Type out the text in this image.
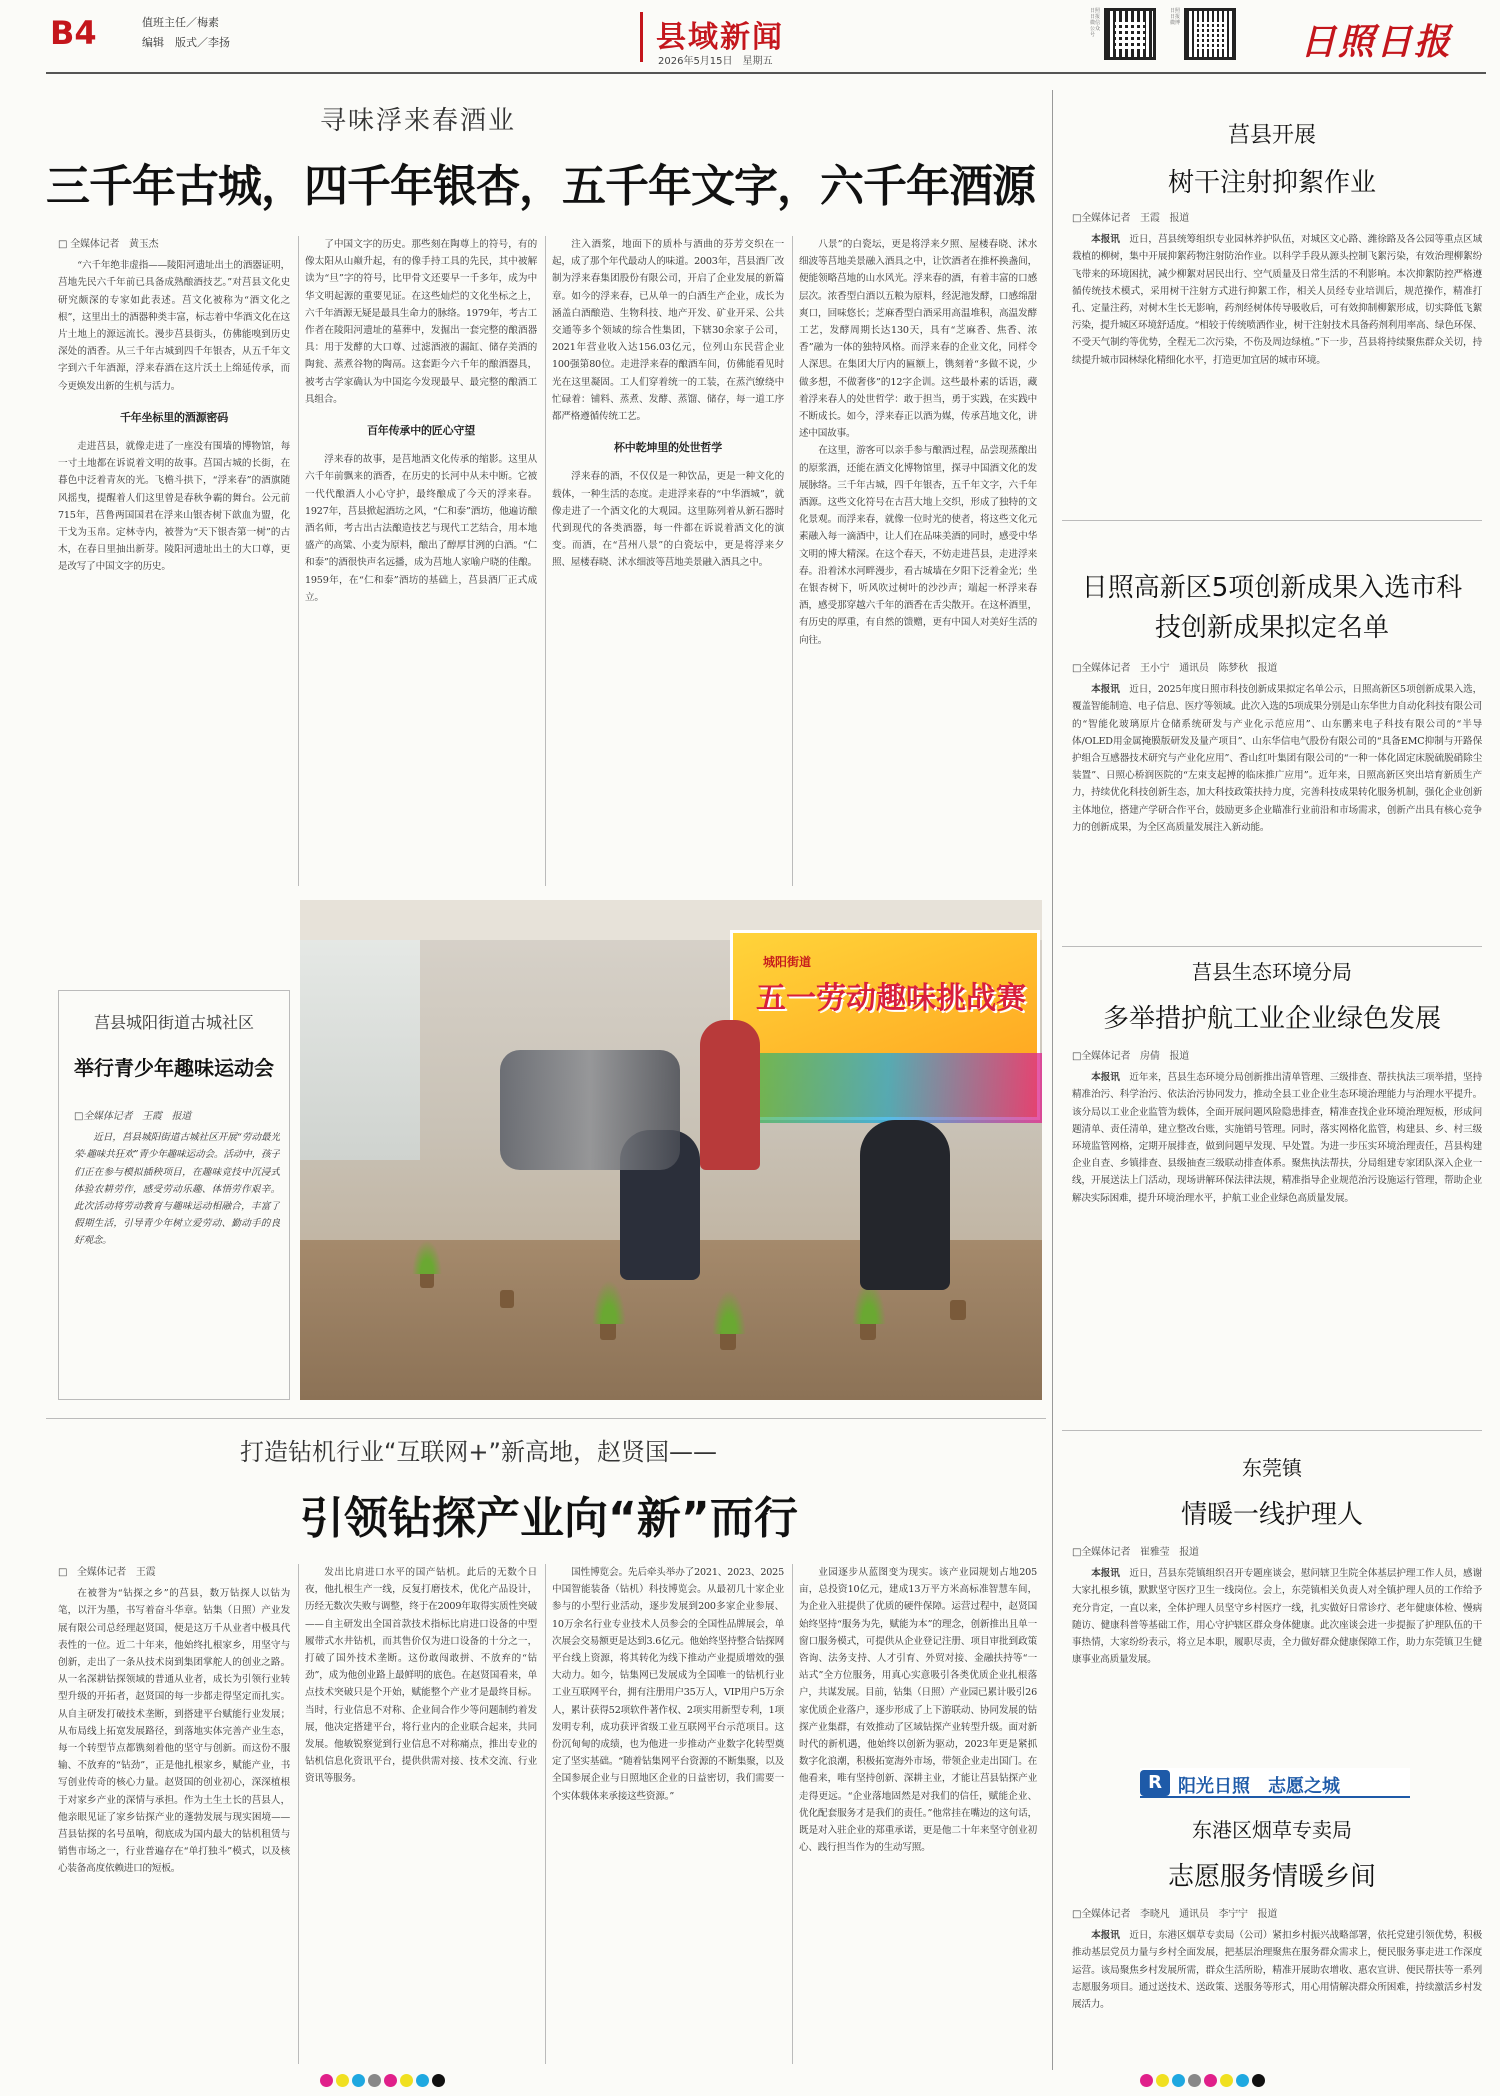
B4	值班主任／梅素
编辑　版式／李扬	县域新闻
2026年5月15日　星期五
日照日报微信公众号
日照日报微博	日照日报
寻味浮来春酒业
三千年古城，四千年银杏，五千年文字，六千年酒源

□ 全媒体记者　黄玉杰

“六千年绝非虚指——陵阳河遗址出土的酒器证明，莒地先民六千年前已具备成熟酿酒技艺。”对莒县文化史研究颇深的专家如此表述。莒文化被称为“酒文化之根”，这里出土的酒器种类丰富，标志着中华酒文化在这片土地上的源远流长。漫步莒县街头，仿佛能嗅到历史深处的酒香。从三千年古城到四千年银杏，从五千年文字到六千年酒源，浮来春酒在这片沃土上绵延传承，而今更焕发出新的生机与活力。

千年坐标里的酒源密码

走进莒县，就像走进了一座没有围墙的博物馆，每一寸土地都在诉说着文明的故事。莒国古城的长街，在暮色中泛着青灰的光。飞檐斗拱下，“浮来春”的酒旗随风摇曳，提醒着人们这里曾是春秋争霸的舞台。公元前715年，莒鲁两国国君在浮来山银杏树下歆血为盟，化干戈为玉帛。定林寺内，被誉为“天下银杏第一树”的古木，在春日里抽出新芽。陵阳河遗址出土的大口尊，更是改写了中国文字的历史。

了中国文字的历史。那些刻在陶尊上的符号，有的像太阳从山巅升起，有的像手持工具的先民，其中被解读为“旦”字的符号，比甲骨文还要早一千多年，成为中华文明起源的重要见证。在这些灿烂的文化坐标之上，六千年酒源无疑是最具生命力的脉络。1979年，考古工作者在陵阳河遗址的墓葬中，发掘出一套完整的酿酒器具：用于发酵的大口尊、过滤酒液的漏缸、储存美酒的陶瓮、蒸煮谷物的陶鬲。这套距今六千年的酿酒器具，被考古学家确认为中国迄今发现最早、最完整的酿酒工具组合。

百年传承中的匠心守望

浮来春的故事，是莒地酒文化传承的缩影。这里从六千年前飘来的酒香，在历史的长河中从未中断。它被一代代酿酒人小心守护，最终酿成了今天的浮来春。1927年，莒县掀起酒坊之风，“仁和泰”酒坊，他遍访酿酒名师，考古出古法酿造技艺与现代工艺结合，用本地盛产的高粱、小麦为原料，酿出了醇厚甘洌的白酒。“仁和泰”的酒很快声名远播，成为莒地人家喻户晓的佳酿。1959年，在“仁和泰”酒坊的基础上，莒县酒厂正式成立。

注入酒浆，地面下的质朴与酒曲的芬芳交织在一起，成了那个年代最动人的味道。2003年，莒县酒厂改制为浮来春集团股份有限公司，开启了企业发展的新篇章。如今的浮来春，已从单一的白酒生产企业，成长为涵盖白酒酿造、生物科技、地产开发、矿业开采、公共交通等多个领域的综合性集团，下辖30余家子公司，2021年营业收入达156.03亿元，位列山东民营企业100强第80位。走进浮来春的酿酒车间，仿佛能看见时光在这里凝固。工人们穿着统一的工装，在蒸汽缭绕中忙碌着：铺料、蒸煮、发酵、蒸馏、储存，每一道工序都严格遵循传统工艺。

杯中乾坤里的处世哲学

浮来春的酒，不仅仅是一种饮品，更是一种文化的载体，一种生活的态度。走进浮来春的“中华酒城”，就像走进了一个酒文化的大观园。这里陈列着从新石器时代到现代的各类酒器，每一件都在诉说着酒文化的演变。而酒，在“莒州八景”的白瓷坛中，更是将浮来夕照、屋楼春晓、沭水细波等莒地美景融入酒具之中。

八景”的白瓷坛，更是将浮来夕照、屋楼春晓、沭水细波等莒地美景融入酒具之中，让饮酒者在推杯换盏间，便能领略莒地的山水风光。浮来春的酒，有着丰富的口感层次。浓香型白酒以五粮为原料，经泥池发酵，口感绵甜爽口，回味悠长；芝麻香型白酒采用高温堆积，高温发酵工艺，发酵周期长达130天，具有“芝麻香、焦香、浓香”融为一体的独特风格。而浮来春的企业文化，同样令人深思。在集团大厅内的匾额上，镌刻着“多做不说，少做多想，不做奢侈”的12字企训。这些最朴素的话语，藏着浮来春人的处世哲学：敢于担当，勇于实践，在实践中不断成长。如今，浮来春正以酒为媒，传承莒地文化，讲述中国故事。

在这里，游客可以亲手参与酿酒过程，品尝现蒸酿出的原浆酒，还能在酒文化博物馆里，探寻中国酒文化的发展脉络。三千年古城，四千年银杏，五千年文字，六千年酒源。这些文化符号在古莒大地上交织，形成了独特的文化景观。而浮来春，就像一位时光的使者，将这些文化元素融入每一滴酒中，让人们在品味美酒的同时，感受中华文明的博大精深。在这个春天，不妨走进莒县，走进浮来春。沿着沭水河畔漫步，看古城墙在夕阳下泛着金光；坐在银杏树下，听风吹过树叶的沙沙声；端起一杯浮来春酒，感受那穿越六千年的酒香在舌尖散开。在这杯酒里，有历史的厚重，有自然的馈赠，更有中国人对美好生活的向往。

城阳街道
五一劳动趣味挑战赛
莒县城阳街道古城社区
举行青少年趣味运动会

□全媒体记者　王霞　报道

近日，莒县城阳街道古城社区开展“劳动最光荣·趣味共狂欢”青少年趣味运动会。活动中，孩子们正在参与模拟插秧项目，在趣味竞技中沉浸式体验农耕劳作，感受劳动乐趣、体悟劳作艰辛。此次活动将劳动教育与趣味运动相融合，丰富了假期生活，引导青少年树立爱劳动、勤动手的良好观念。

打造钻机行业“互联网+”新高地，赵贤国——
引领钻探产业向“新”而行

□　全媒体记者　王霞

在被誉为“钻探之乡”的莒县，数万钻探人以钻为笔，以汗为墨，书写着奋斗华章。钻集（日照）产业发展有限公司总经理赵贤国，便是这万千从业者中极具代表性的一位。近二十年来，他始终扎根家乡，用坚守与创新，走出了一条从技术岗到集团掌舵人的创业之路。从一名深耕钻探领域的普通从业者，成长为引领行业转型升级的开拓者，赵贤国的每一步都走得坚定而扎实。从自主研发打破技术垄断，到搭建平台赋能行业发展；从布局线上拓宽发展路径，到落地实体完善产业生态，每一个转型节点都镌刻着他的坚守与创新。而这份不服输、不放弃的“钻劲”，正是他扎根家乡，赋能产业，书写创业传奇的核心力量。赵贤国的创业初心，深深植根于对家乡产业的深情与承担。作为土生土长的莒县人，他亲眼见证了家乡钻探产业的蓬勃发展与现实困境——莒县钻探的名号虽响，彻底成为国内最大的钻机租赁与销售市场之一，行业普遍存在“单打独斗”模式，以及核心装备高度依赖进口的短板。

发出比肩进口水平的国产钻机。此后的无数个日夜，他扎根生产一线，反复打磨技术，优化产品设计，历经无数次失败与调整，终于在2009年取得实质性突破——自主研发出全国首款技术指标比肩进口设备的中型履带式水井钻机，而其售价仅为进口设备的十分之一，打破了国外技术垄断。这份敢闯敢拼、不放弃的“钻劲”，成为他创业路上最鲜明的底色。在赵贤国看来，单点技术突破只是个开始，赋能整个产业才是最终目标。当时，行业信息不对称、企业间合作少等问题制约着发展，他决定搭建平台，将行业内的企业联合起来，共同发展。他敏锐察觉到行业信息不对称痛点，推出专业的钻机信息化资讯平台，提供供需对接、技术交流、行业资讯等服务。

国性博览会。先后牵头举办了2021、2023、2025中国智能装备（钻机）科技博览会。从最初几十家企业参与的小型行业活动，逐步发展到200多家企业参展、10万余名行业专业技术人员参会的全国性品牌展会，单次展会交易额更是达到3.6亿元。他始终坚持整合钻探网平台线上资源，将其转化为线下推动产业提质增效的强大动力。如今，钻集网已发展成为全国唯一的钻机行业工业互联网平台，拥有注册用户35万人，VIP用户5万余人，累计获得52项软件著作权、2项实用新型专利，1项发明专利，成功获评省级工业互联网平台示范项目。这份沉甸甸的成绩，也为他进一步推动产业数字化转型奠定了坚实基础。“随着钻集网平台资源的不断集聚，以及全国参展企业与日照地区企业的日益密切，我们需要一个实体载体来承接这些资源。”

业园逐步从蓝图变为现实。该产业园规划占地205亩，总投资10亿元，建成13万平方米高标准智慧车间，为企业入驻提供了优质的硬件保障。运营过程中，赵贤国始终坚持“服务为先，赋能为本”的理念，创新推出且单一窗口服务模式，可提供从企业登记注册、项目审批到政策咨询、法务支持、人才引育、外贸对接、金融扶持等“一站式”全方位服务，用真心实意吸引各类优质企业扎根落户，共谋发展。目前，钻集（日照）产业园已累计吸引26家优质企业落户，逐步形成了上下游联动、协同发展的钻探产业集群，有效推动了区域钻探产业转型升级。面对新时代的新机遇，他始终以创新为驱动，2023年更是紧抓数字化浪潮，积极拓宽海外市场，带领企业走出国门。在他看来，唯有坚持创新、深耕主业，才能让莒县钻探产业走得更远。“企业落地固然是对我们的信任，赋能企业、优化配套服务才是我们的责任。”他常挂在嘴边的这句话，既是对入驻企业的郑重承诺，更是他二十年来坚守创业初心、践行担当作为的生动写照。

莒县开展
树干注射抑絮作业

□全媒体记者　王霞　报道

本报讯　 近日，莒县统筹组织专业园林养护队伍，对城区文心路、潍徐路及各公园等重点区域栽植的柳树，集中开展抑絮药物注射防治作业。以科学手段从源头控制飞絮污染，有效治理柳絮纷飞带来的环境困扰，减少柳絮对居民出行、空气质量及日常生活的不利影响。本次抑絮防控严格遵循传统技术模式，采用树干注射方式进行抑絮工作，相关人员经专业培训后，规范操作，精准打孔、定量注药，对树木生长无影响，药剂经树体传导吸收后，可有效抑制柳絮形成，切实降低飞絮污染，提升城区环境舒适度。“相较于传统喷洒作业，树干注射技术具备药剂利用率高、绿色环保、不受天气制约等优势，全程无二次污染，不伤及周边绿植。”下一步，莒县将持续聚焦群众关切，持续提升城市园林绿化精细化水平，打造更加宜居的城市环境。

日照高新区5项创新成果入选市科技创新成果拟定名单

□全媒体记者　王小宁　通讯员　陈梦秋　报道

本报讯　 近日，2025年度日照市科技创新成果拟定名单公示，日照高新区5项创新成果入选，覆盖智能制造、电子信息、医疗等领域。此次入选的5项成果分别是山东华世力自动化科技有限公司的“智能化玻璃原片仓储系统研发与产业化示范应用”、山东鹏来电子科技有限公司的“半导体/OLED用金属掩膜版研发及量产项目”、山东华信电气股份有限公司的“具备EMC抑制与开路保护组合互感器技术研究与产业化应用”、香山红叶集团有限公司的“一种一体化固定床脱硫脱硝除尘装置”、日照心桥润医院的“左束支起搏的临床推广应用”。近年来，日照高新区突出培育新质生产力，持续优化科技创新生态，加大科技政策扶持力度，完善科技成果转化服务机制，强化企业创新主体地位，搭建产学研合作平台，鼓励更多企业瞄准行业前沿和市场需求，创新产出具有核心竞争力的创新成果，为全区高质量发展注入新动能。

莒县生态环境分局
多举措护航工业企业绿色发展

□全媒体记者　房倩　报道

本报讯　 近年来，莒县生态环境分局创新推出清单管理、三级排查、帮扶执法三项举措，坚持精准治污、科学治污、依法治污协同发力，推动全县工业企业生态环境治理能力与治理水平提升。该分局以工业企业监管为载体，全面开展问题风险隐患排查，精准查找企业环境治理短板，形成问题清单、责任清单，建立整改台账，实施销号管理。同时，落实网格化监管，构建县、乡、村三级环境监管网格，定期开展排查，做到问题早发现、早处置。为进一步压实环境治理责任，莒县构建企业自查、乡镇排查、县级抽查三级联动排查体系。聚焦执法帮扶，分局组建专家团队深入企业一线，开展送法上门活动，现场讲解环保法律法规，精准指导企业规范治污设施运行管理，帮助企业解决实际困难，提升环境治理水平，护航工业企业绿色高质量发展。

东莞镇
情暖一线护理人

□全媒体记者　崔雅莹　报道

本报讯　 近日，莒县东莞镇组织召开专题座谈会，慰问辖卫生院全体基层护理工作人员，感谢大家扎根乡镇，默默坚守医疗卫生一线岗位。会上，东莞镇相关负责人对全镇护理人员的工作给予充分肯定，一直以来，全体护理人员坚守乡村医疗一线，扎实做好日常诊疗、老年健康体检、慢病随访、健康科普等基础工作，用心守护辖区群众身体健康。此次座谈会进一步提振了护理队伍的干事热情，大家纷纷表示，将立足本职，履职尽责，全力做好群众健康保障工作，助力东莞镇卫生健康事业高质量发展。

R 阳光日照　志愿之城
东港区烟草专卖局
志愿服务情暖乡间

□全媒体记者　李晓凡　通讯员　李宁宁　报道

本报讯　 近日，东港区烟草专卖局（公司）紧扣乡村振兴战略部署，依托党建引领优势，积极推动基层党员力量与乡村全面发展，把基层治理聚焦在服务群众需求上，便民服务事走进工作深度运营。该局聚焦乡村发展所需，群众生活所盼，精准开展助农增收、惠农宣讲、便民帮扶等一系列志愿服务项目。通过送技术、送政策、送服务等形式，用心用情解决群众所困难，持续激活乡村发展活力。
